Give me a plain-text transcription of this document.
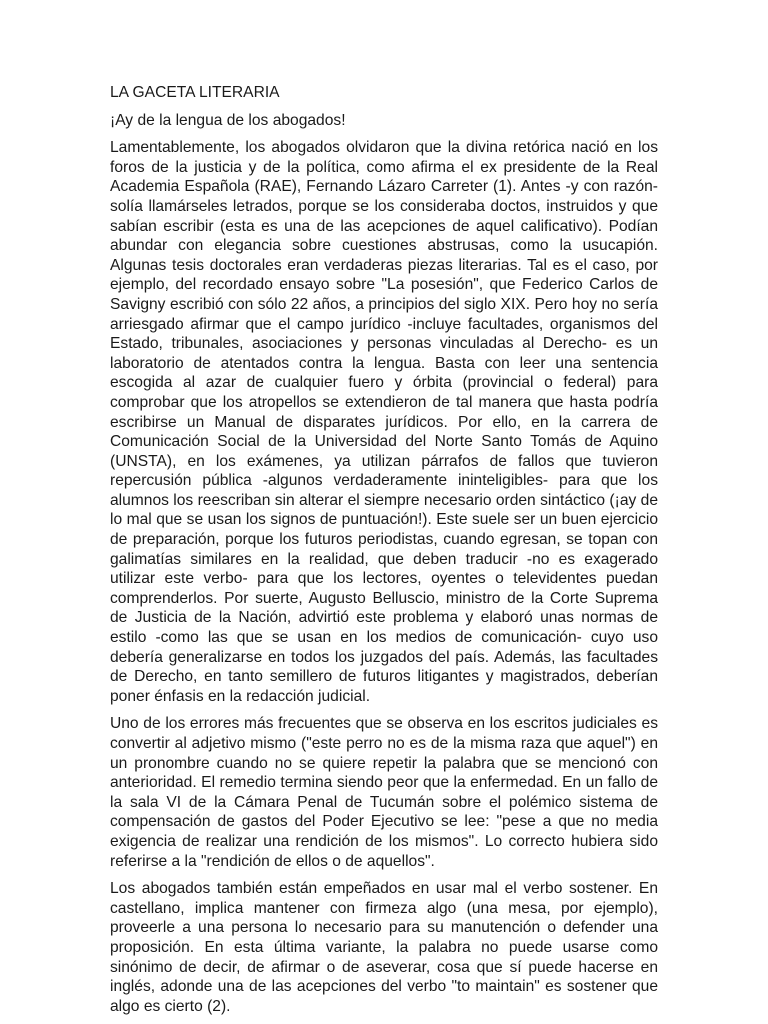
LA GACETA LITERARIA
¡Ay de la lengua de los abogados!

Lamentablemente, los abogados olvidaron que la divina retórica nació en los foros de la justicia y de la política, como afirma el ex presidente de la Real Academia Española (RAE), Fernando Lázaro Carreter (1). Antes -y con razón- solía llamárseles letrados, porque se los consideraba doctos, instruidos y que sabían escribir (esta es una de las acepciones de aquel calificativo). Podían abundar con elegancia sobre cuestiones abstrusas, como la usucapión. Algunas tesis doctorales eran verdaderas piezas literarias. Tal es el caso, por ejemplo, del recordado ensayo sobre "La posesión", que Federico Carlos de Savigny escribió con sólo 22 años, a principios del siglo XIX. Pero hoy no sería arriesgado afirmar que el campo jurídico -incluye facultades, organismos del Estado, tribunales, asociaciones y personas vinculadas al Derecho- es un laboratorio de atentados contra la lengua. Basta con leer una sentencia escogida al azar de cualquier fuero y órbita (provincial o federal) para comprobar que los atropellos se extendieron de tal manera que hasta podría escribirse un Manual de disparates jurídicos. Por ello, en la carrera de Comunicación Social de la Universidad del Norte Santo Tomás de Aquino (UNSTA), en los exámenes, ya utilizan párrafos de fallos que tuvieron repercusión pública -algunos verdaderamente ininteligibles- para que los alumnos los reescriban sin alterar el siempre necesario orden sintáctico (¡ay de lo mal que se usan los signos de puntuación!). Este suele ser un buen ejercicio de preparación, porque los futuros periodistas, cuando egresan, se topan con galimatías similares en la realidad, que deben traducir -no es exagerado utilizar este verbo- para que los lectores, oyentes o televidentes puedan comprenderlos. Por suerte, Augusto Belluscio, ministro de la Corte Suprema de Justicia de la Nación, advirtió este problema y elaboró unas normas de estilo -como las que se usan en los medios de comunicación- cuyo uso debería generalizarse en todos los juzgados del país. Además, las facultades de Derecho, en tanto semillero de futuros litigantes y magistrados, deberían poner énfasis en la redacción judicial.

Uno de los errores más frecuentes que se observa en los escritos judiciales es convertir al adjetivo mismo ("este perro no es de la misma raza que aquel") en un pronombre cuando no se quiere repetir la palabra que se mencionó con anterioridad. El remedio termina siendo peor que la enfermedad. En un fallo de la sala VI de la Cámara Penal de Tucumán sobre el polémico sistema de compensación de gastos del Poder Ejecutivo se lee: "pese a que no media exigencia de realizar una rendición de los mismos". Lo correcto hubiera sido referirse a la "rendición de ellos o de aquellos".

Los abogados también están empeñados en usar mal el verbo sostener. En castellano, implica mantener con firmeza algo (una mesa, por ejemplo), proveerle a una persona lo necesario para su manutención o defender una proposición. En esta última variante, la palabra no puede usarse como sinónimo de decir, de afirmar o de aseverar, cosa que sí puede hacerse en inglés, adonde una de las acepciones del verbo "to maintain" es sostener que algo es cierto (2).
